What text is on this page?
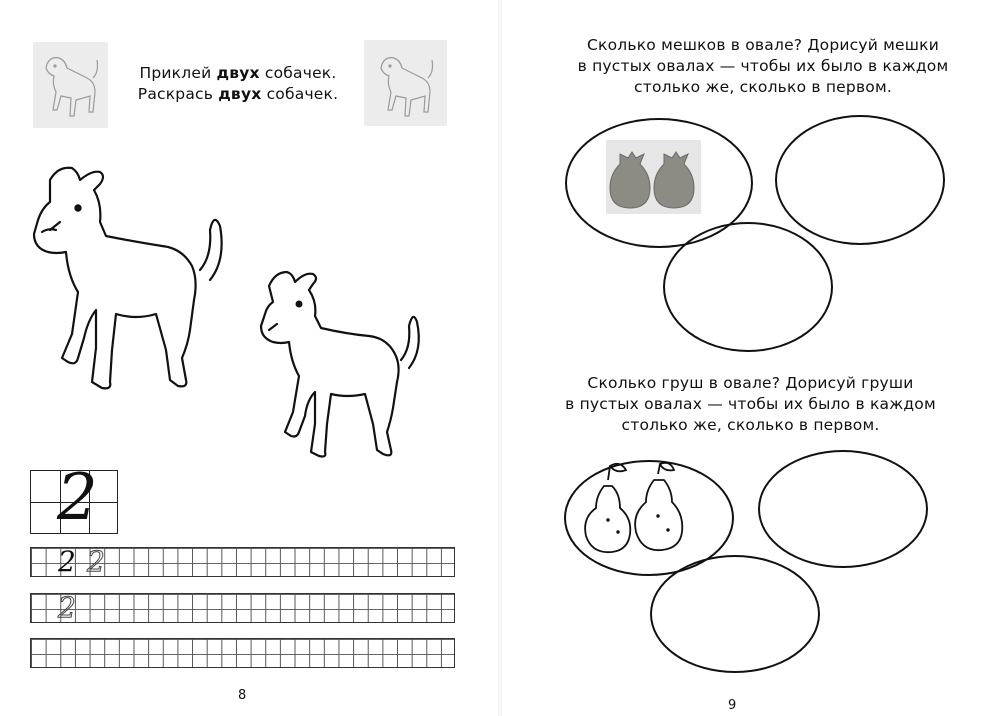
Приклей двух собачек.
Раскрась двух собачек.
2
2 2
2
8
Сколько мешков в овале? Дорисуй мешки
в пустых овалах — чтобы их было в каждом
столько же, сколько в первом.
Сколько груш в овале? Дорисуй груши
в пустых овалах — чтобы их было в каждом
столько же, сколько в первом.
9
